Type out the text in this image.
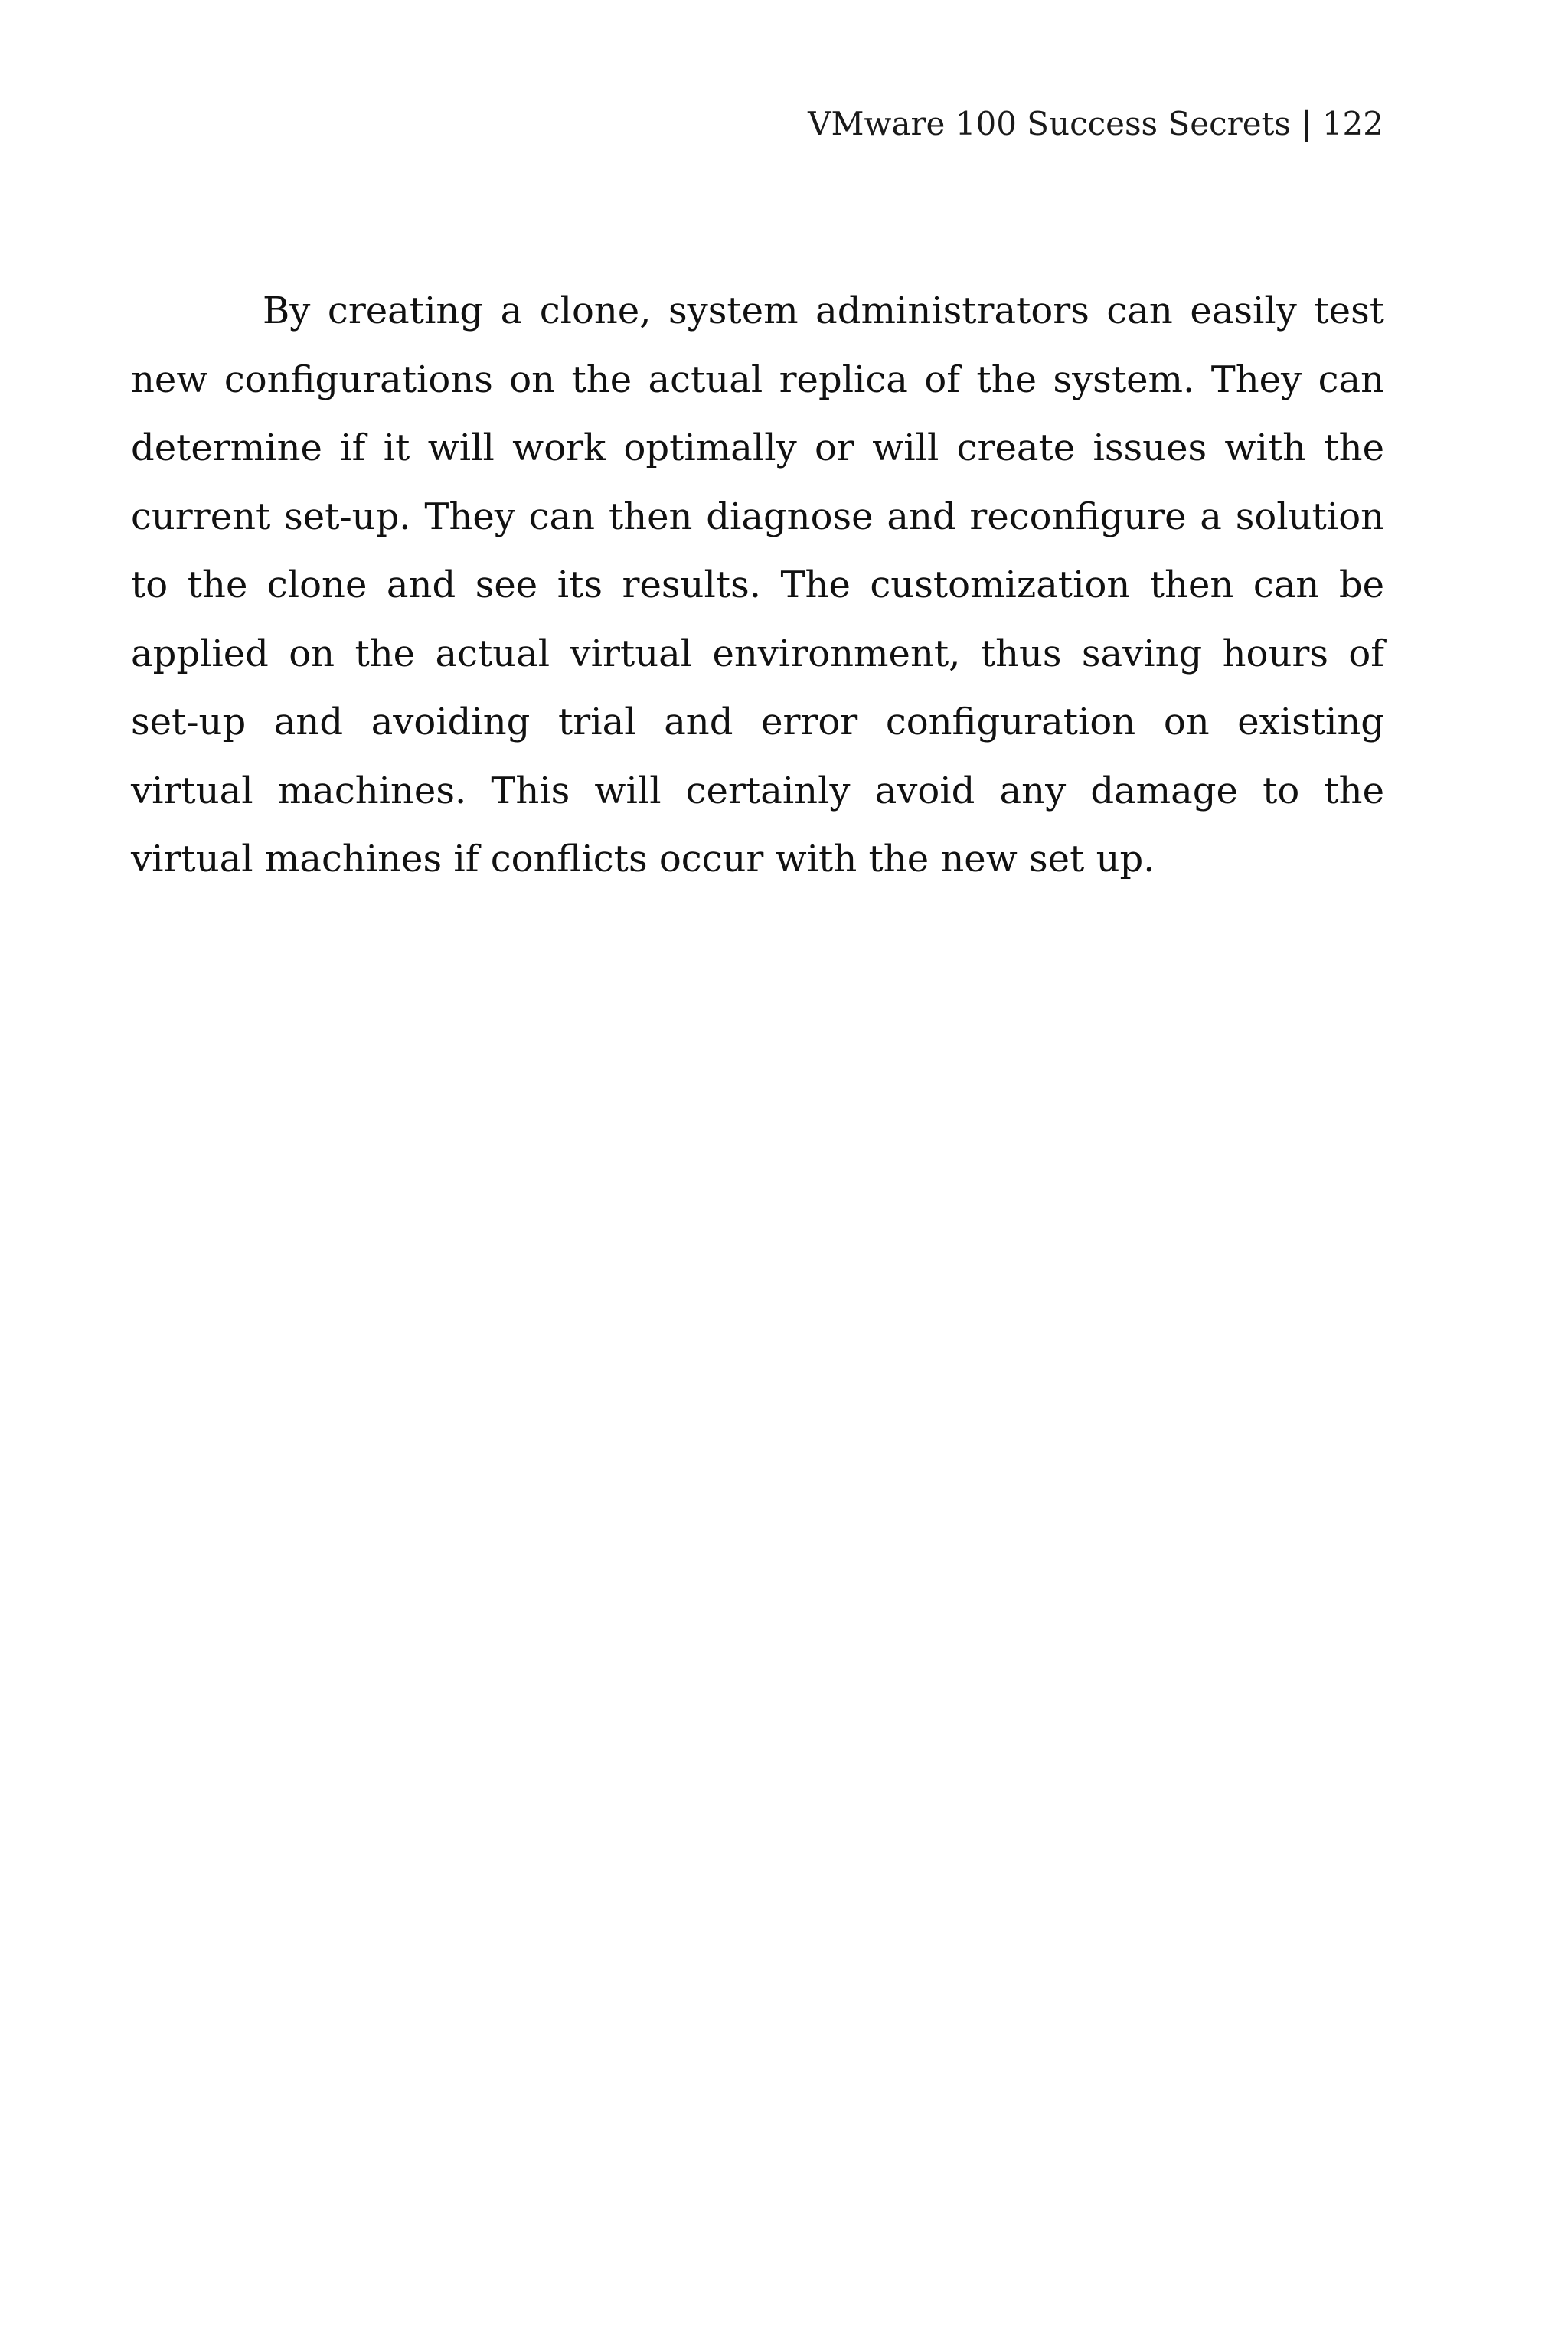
VMware 100 Success Secrets | 122

By creating a clone, system administrators can easily test new configurations on the actual replica of the system. They can determine if it will work optimally or will create issues with the current set-up. They can then diagnose and reconfigure a solution to the clone and see its results. The customization then can be applied on the actual virtual environment, thus saving hours of set-up and avoiding trial and error configuration on existing virtual machines. This will certainly avoid any damage to the virtual machines if conflicts occur with the new set up.
